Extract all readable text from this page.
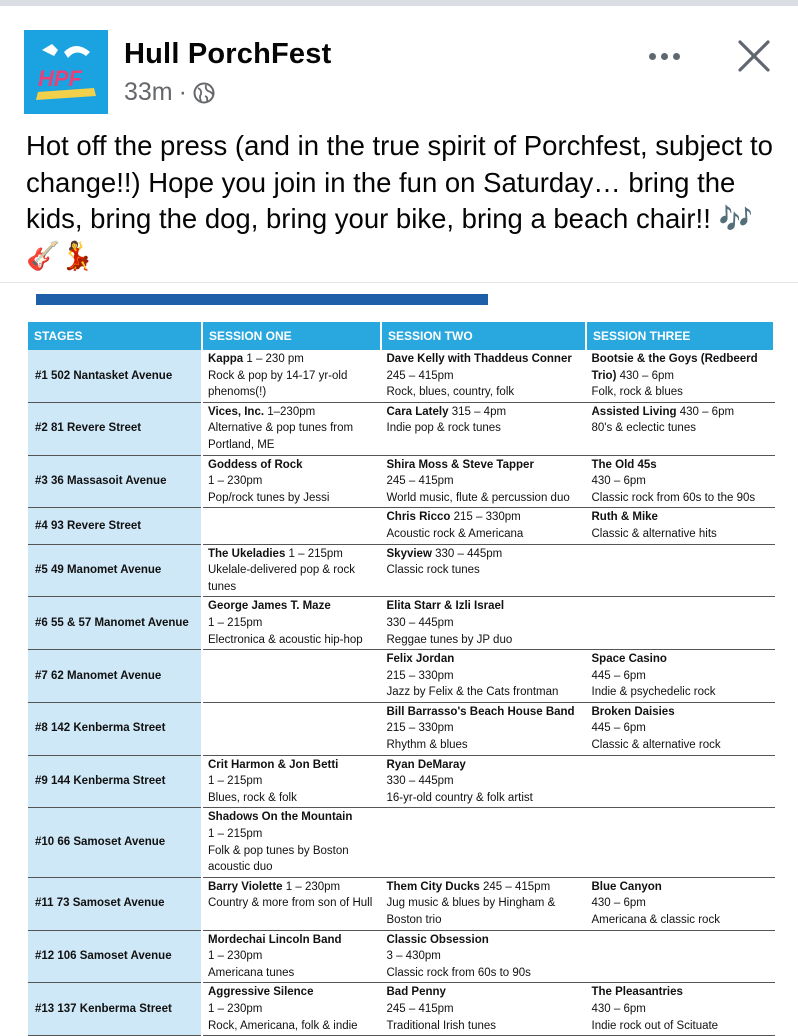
HPF
Hull PorchFest
33m ·
Hot off the press (and in the true spirit of Porchfest, subject to change!!) Hope you join in the fun on Saturday… bring the kids, bring the dog, bring your bike, bring a beach chair!! 🎶🎸💃
STAGES	SESSION ONE	SESSION TWO	SESSION THREE
#1 502 Nantasket Avenue	Kappa 1 – 230 pm
Rock & pop by 14-17 yr-old phenoms(!)	Dave Kelly with Thaddeus Conner
245 – 415pm
Rock, blues, country, folk	Bootsie & the Goys (Redbeerd Trio) 430 – 6pm
Folk, rock & blues
#2 81 Revere Street	Vices, Inc. 1–230pm
Alternative & pop tunes from Portland, ME	Cara Lately 315 – 4pm
Indie pop & rock tunes	Assisted Living 430 – 6pm
80's & eclectic tunes
#3 36 Massasoit Avenue	Goddess of Rock
1 – 230pm
Pop/rock tunes by Jessi	Shira Moss & Steve Tapper
245 – 415pm
World music, flute & percussion duo	The Old 45s
430 – 6pm
Classic rock from 60s to the 90s
#4 93 Revere Street		Chris Ricco 215 – 330pm
Acoustic rock & Americana	Ruth & Mike
Classic & alternative hits
#5 49 Manomet Avenue	The Ukeladies 1 – 215pm
Ukelale-delivered pop & rock tunes	Skyview 330 – 445pm
Classic rock tunes	
#6 55 & 57 Manomet Avenue	George James T. Maze
1 – 215pm
Electronica & acoustic hip-hop	Elita Starr & Izli Israel
330 – 445pm
Reggae tunes by JP duo	
#7 62 Manomet Avenue		Felix Jordan
215 – 330pm
Jazz by Felix & the Cats frontman	Space Casino
445 – 6pm
Indie & psychedelic rock
#8 142 Kenberma Street		Bill Barrasso's Beach House Band 215 – 330pm
Rhythm & blues	Broken Daisies
445 – 6pm
Classic & alternative rock
#9 144 Kenberma Street	Crit Harmon & Jon Betti
1 – 215pm
Blues, rock & folk	Ryan DeMaray
330 – 445pm
16-yr-old country & folk artist	
#10 66 Samoset Avenue	Shadows On the Mountain
1 – 215pm
Folk & pop tunes by Boston acoustic duo		
#11 73 Samoset Avenue	Barry Violette 1 – 230pm
Country & more from son of Hull	Them City Ducks 245 – 415pm
Jug music & blues by Hingham & Boston trio	Blue Canyon
430 – 6pm
Americana & classic rock
#12 106 Samoset Avenue	Mordechai Lincoln Band
1 – 230pm
Americana tunes	Classic Obsession
3 – 430pm
Classic rock from 60s to 90s	
#13 137 Kenberma Street	Aggressive Silence
1 – 230pm
Rock, Americana, folk & indie	Bad Penny
245 – 415pm
Traditional Irish tunes	The Pleasantries
430 – 6pm
Indie rock out of Scituate
